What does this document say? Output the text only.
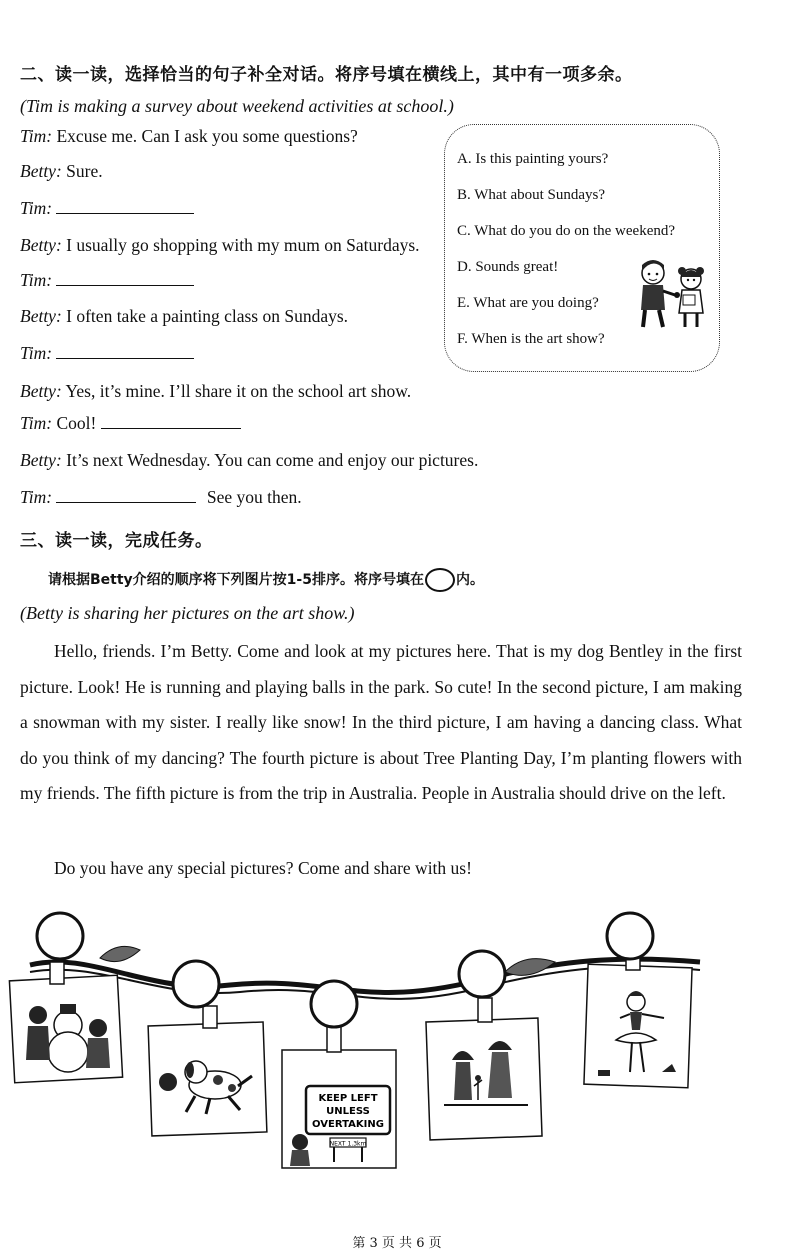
二、读一读，选择恰当的句子补全对话。将序号填在横线上，其中有一项多余。
(Tim is making a survey about weekend activities at school.)
Tim: Excuse me. Can I ask you some questions?
Betty: Sure.
Tim:
Betty: I usually go shopping with my mum on Saturdays.
Tim:
Betty: I often take a painting class on Sundays.
Tim:
Betty: Yes, it’s mine. I’ll share it on the school art show.
Tim: Cool!
Betty: It’s next Wednesday. You can come and enjoy our pictures.
Tim:	See you then.
A. Is this painting yours?
B. What about Sundays?
C. What do you do on the weekend?
D. Sounds great!
E. What are you doing?
F. When is the art show?
三、读一读，完成任务。
请根据Betty介绍的顺序将下列图片按1-5排序。将序号填在 内。
(Betty is sharing her pictures on the art show.)
Hello, friends. I’m Betty. Come and look at my pictures here. That is my dog Bentley in the first picture. Look! He is running and playing balls in the park. So cute! In the second picture, I am making a snowman with my sister. I really like snow! In the third picture, I am having a dancing class. What do you think of my dancing? The fourth picture is about Tree Planting Day, I’m planting flowers with my friends. The fifth picture is from the trip in Australia. People in Australia should drive on the left.
Do you have any special pictures? Come and share with us!
KEEP LEFT
UNLESS
OVERTAKING
NEXT 1.3km
第 3 页 共 6 页
